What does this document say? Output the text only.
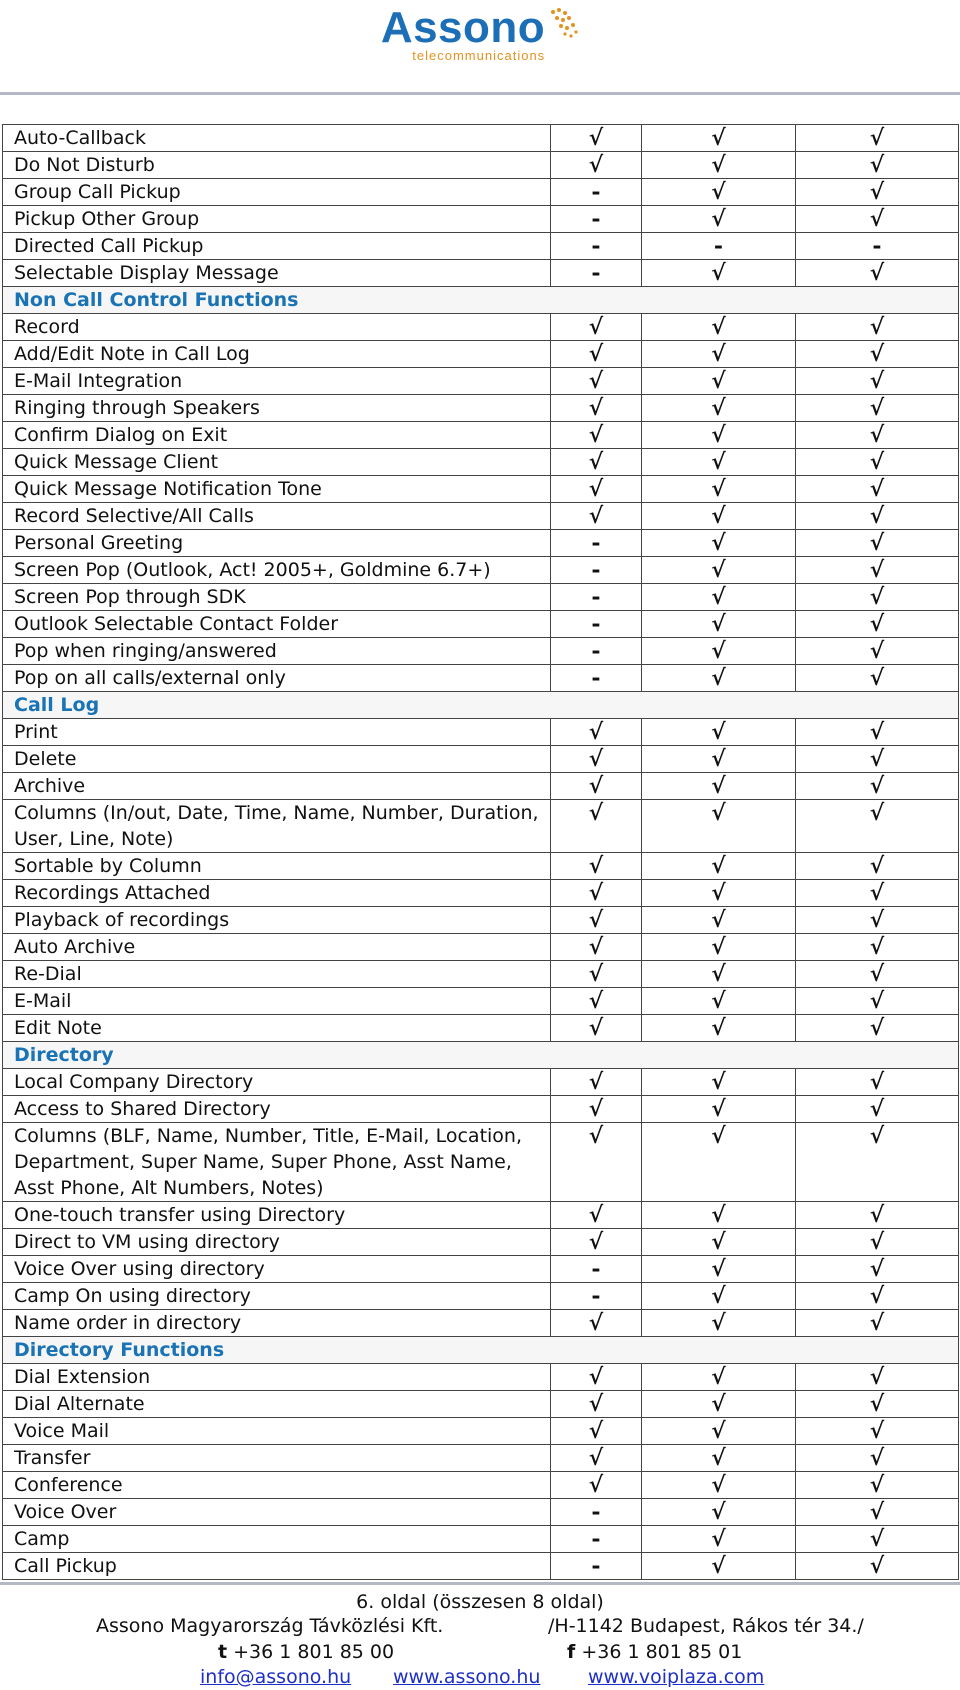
Assono
telecommunications
Auto-Callback	√	√	√
Do Not Disturb	√	√	√
Group Call Pickup	-	√	√
Pickup Other Group	-	√	√
Directed Call Pickup	-	-	-
Selectable Display Message	-	√	√
Non Call Control Functions			
Record	√	√	√
Add/Edit Note in Call Log	√	√	√
E-Mail Integration	√	√	√
Ringing through Speakers	√	√	√
Confirm Dialog on Exit	√	√	√
Quick Message Client	√	√	√
Quick Message Notification Tone	√	√	√
Record Selective/All Calls	√	√	√
Personal Greeting	-	√	√
Screen Pop (Outlook, Act! 2005+, Goldmine 6.7+)	-	√	√
Screen Pop through SDK	-	√	√
Outlook Selectable Contact Folder	-	√	√
Pop when ringing/answered	-	√	√
Pop on all calls/external only	-	√	√
Call Log			
Print	√	√	√
Delete	√	√	√
Archive	√	√	√
Columns (In/out, Date, Time, Name, Number, Duration, User, Line, Note)	√	√	√
Sortable by Column	√	√	√
Recordings Attached	√	√	√
Playback of recordings	√	√	√
Auto Archive	√	√	√
Re-Dial	√	√	√
E-Mail	√	√	√
Edit Note	√	√	√
Directory			
Local Company Directory	√	√	√
Access to Shared Directory	√	√	√
Columns (BLF, Name, Number, Title, E-Mail, Location, Department, Super Name, Super Phone, Asst Name, Asst Phone, Alt Numbers, Notes)	√	√	√
One-touch transfer using Directory	√	√	√
Direct to VM using directory	√	√	√
Voice Over using directory	-	√	√
Camp On using directory	-	√	√
Name order in directory	√	√	√
Directory Functions			
Dial Extension	√	√	√
Dial Alternate	√	√	√
Voice Mail	√	√	√
Transfer	√	√	√
Conference	√	√	√
Voice Over	-	√	√
Camp	-	√	√
Call Pickup	-	√	√
6. oldal (összesen 8 oldal)
Assono Magyarország Távközlési Kft.	/H-1142 Budapest, Rákos tér 34./
t +36 1 801 85 00	f +36 1 801 85 01
info@assono.hu www.assono.hu	www.voiplaza.com
